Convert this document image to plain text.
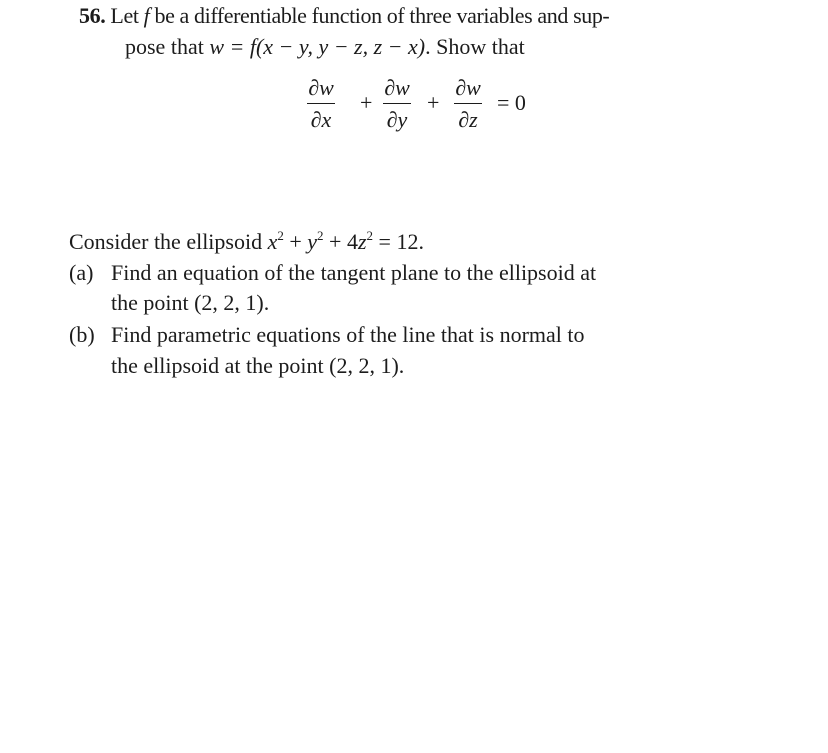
56. Let f be a differentiable function of three variables and sup-
pose that w = f(x − y, y − z, z − x). Show that
∂w
∂x
+
∂w
∂y
+
∂w
∂z
= 0
Consider the ellipsoid $x^2 + y^2 + 4z^2 = 12$.
(a) Find an equation of the tangent plane to the ellipsoid at
the point (2, 2, 1).
(b) Find parametric equations of the line that is normal to
the ellipsoid at the point (2, 2, 1).
